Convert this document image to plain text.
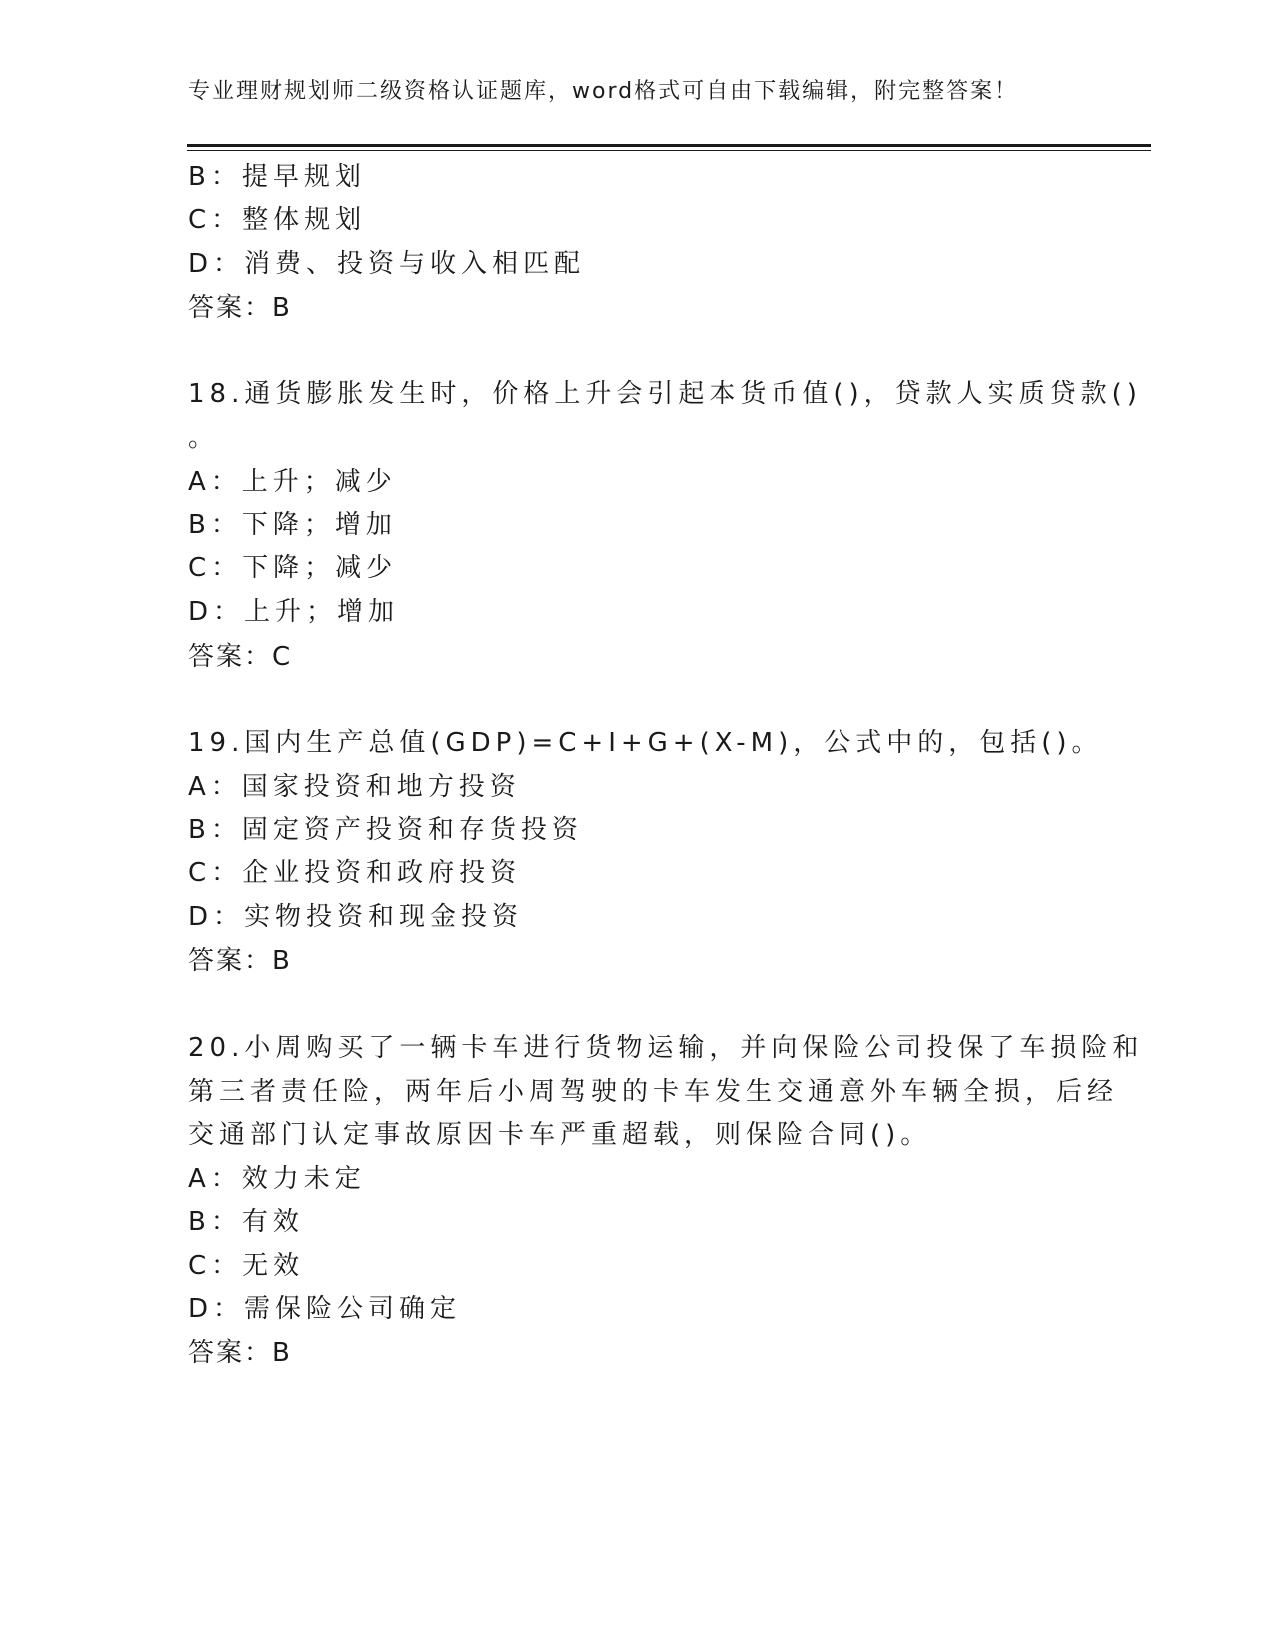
专业理财规划师二级资格认证题库，word格式可自由下载编辑，附完整答案！
B：提早规划
C：整体规划
D：消费、投资与收入相匹配
答案：B
18.通货膨胀发生时，价格上升会引起本货币值()，贷款人实质贷款()
。
A：上升；减少
B：下降；增加
C：下降；减少
D：上升；增加
答案：C
19.国内生产总值(GDP)=C+I+G+(X-M)，公式中的，包括()。
A：国家投资和地方投资
B：固定资产投资和存货投资
C：企业投资和政府投资
D：实物投资和现金投资
答案：B
20.小周购买了一辆卡车进行货物运输，并向保险公司投保了车损险和
第三者责任险，两年后小周驾驶的卡车发生交通意外车辆全损，后经
交通部门认定事故原因卡车严重超载，则保险合同()。
A：效力未定
B：有效
C：无效
D：需保险公司确定
答案：B
